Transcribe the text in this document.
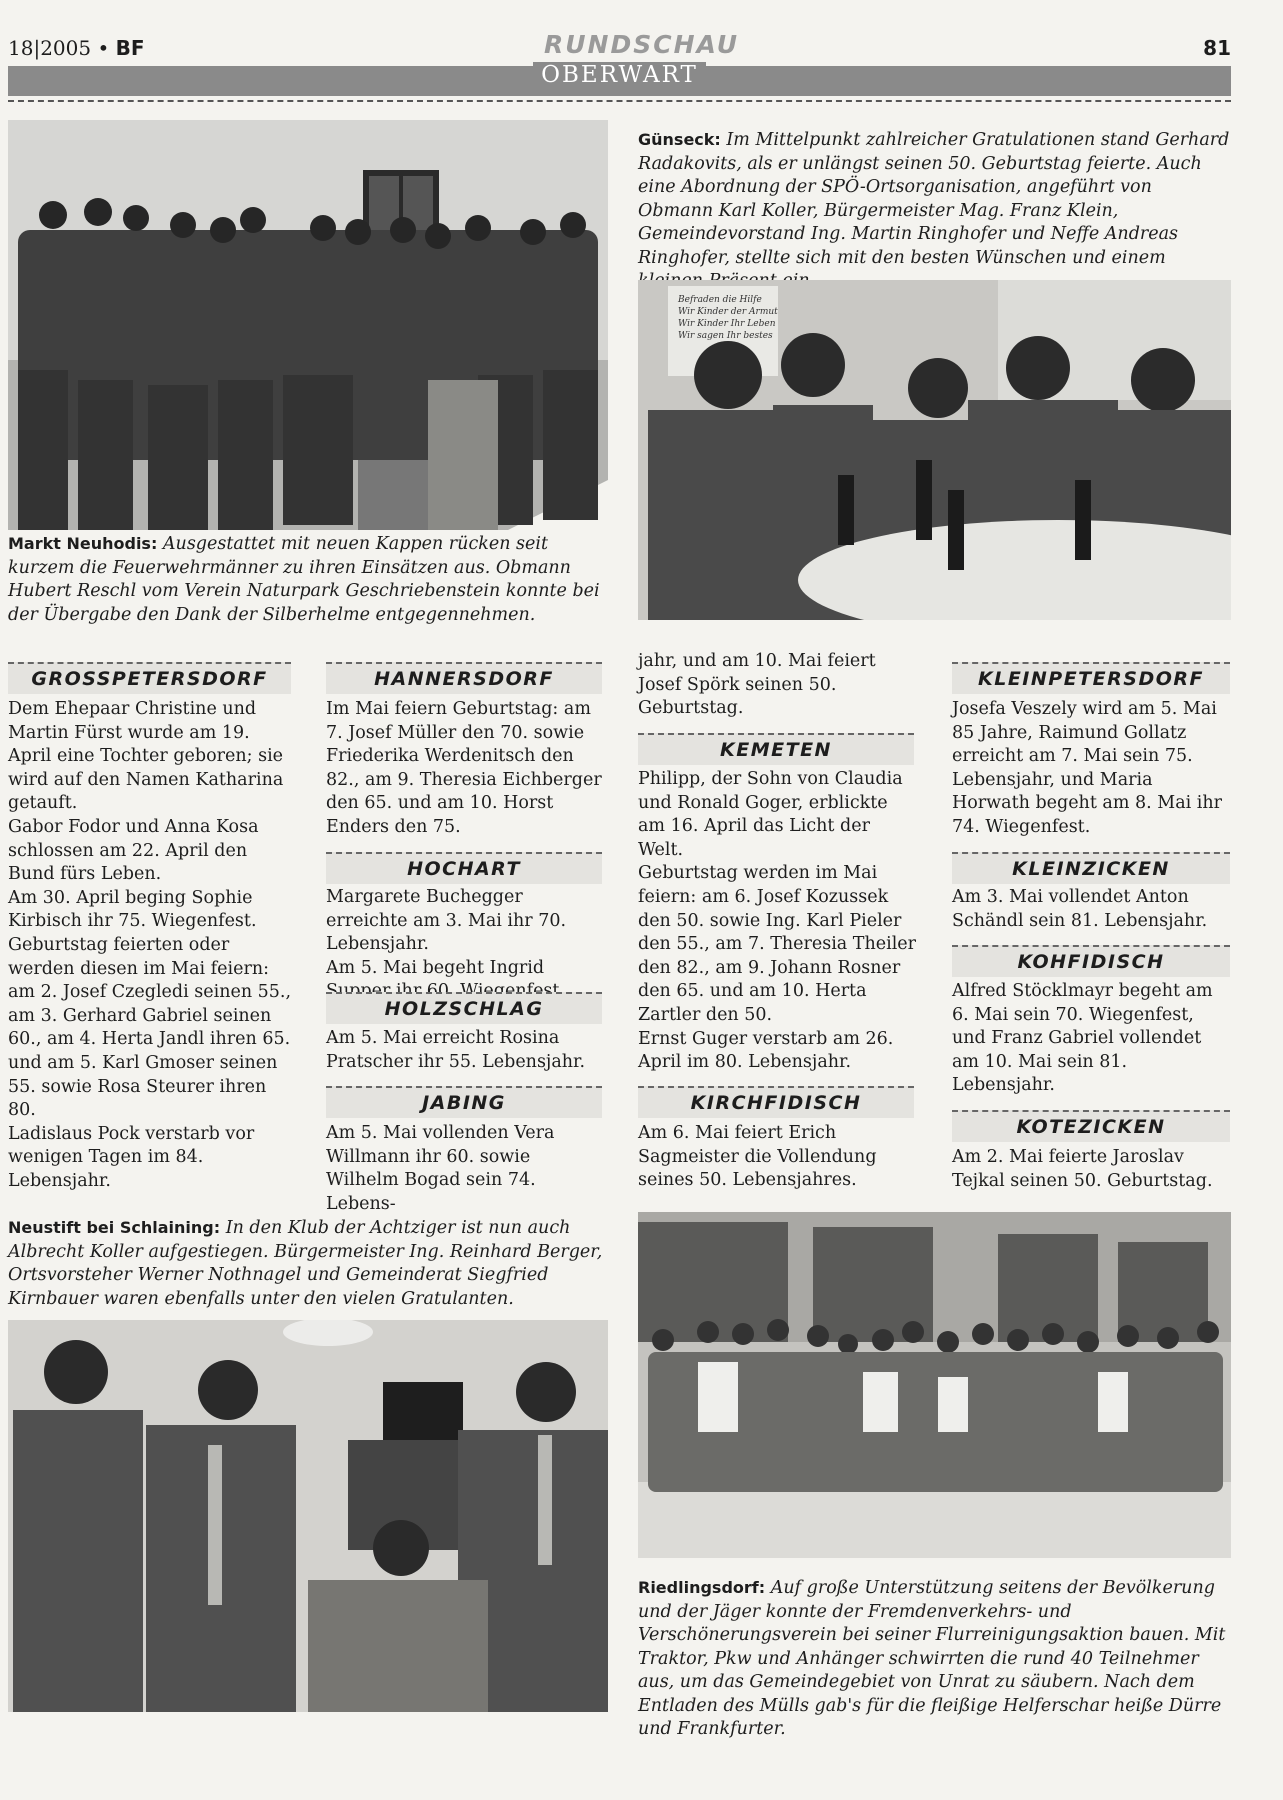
18|2005 • BF	RUNDSCHAU	81
OBERWART
Günseck: Im Mittelpunkt zahlreicher Gratulationen stand Gerhard Radakovits, als er unlängst seinen 50. Geburtstag feierte. Auch eine Abordnung der SPÖ-Ortsorganisation, angeführt von Obmann Karl Koller, Bürgermeister Mag. Franz Klein, Gemeindevorstand Ing. Martin Ringhofer und Neffe Andreas Ringhofer, stellte sich mit den besten Wünschen und einem
Befraden die Hilfe
Wir Kinder der Armut
Wir Kinder Ihr Leben
Wir sagen Ihr bestes
Markt Neuhodis: Ausgestattet mit neuen Kappen rücken seit kurzem die Feuerwehrmänner zu ihren Einsätzen aus. Obmann Hubert Reschl vom Verein Naturpark Geschriebenstein konnte bei der Übergabe den Dank der Silberhelme entgegennehmen.
GROSSPETERSDORF

Dem Ehepaar Christine und Martin Fürst wurde am 19. April eine Tochter geboren; sie wird auf den Namen Katharina getauft.

Gabor Fodor und Anna Kosa schlossen am 22. April den Bund fürs Leben.

Am 30. April beging Sophie Kirbisch ihr 75. Wiegenfest.

Geburtstag feierten oder werden diesen im Mai feiern: am 2. Josef Czegledi seinen 55., am 3. Gerhard Gabriel seinen 60., am 4. Herta Jandl ihren 65. und am 5. Karl Gmoser seinen 55. sowie Rosa Steurer ihren 80.

Ladislaus Pock verstarb vor wenigen Tagen im 84. Lebensjahr.

HANNERSDORF

Im Mai feiern Geburtstag: am 7. Josef Müller den 70. sowie Friederika Werdenitsch den 82., am 9. Theresia Eichberger den 65. und am 10. Horst Enders den 75.

HOCHART

Margarete Buchegger erreichte am 3. Mai ihr 70. Lebensjahr.

Am 5. Mai begeht Ingrid

HOLZSCHLAG

Am 5. Mai erreicht Rosina Pratscher ihr 55. Lebensjahr.

JABING

Am 5. Mai vollenden Vera Willmann ihr 60. sowie Wilhelm Bogad sein 74. Lebens-

jahr, und am 10. Mai feiert Josef Spörk seinen 50. Geburtstag.

KEMETEN

Philipp, der Sohn von Claudia und Ronald Goger, erblickte am 16. April das Licht der Welt.

Geburtstag werden im Mai feiern: am 6. Josef Kozussek den 50. sowie Ing. Karl Pieler den 55., am 7. Theresia Theiler den 82., am 9. Johann Rosner den 65. und am 10. Herta Zartler den 50.

Ernst Guger verstarb am 26. April im 80. Lebensjahr.

KIRCHFIDISCH

Am 6. Mai feiert Erich Sagmeister die Vollendung seines 50. Lebensjahres.

KLEINPETERSDORF

Josefa Veszely wird am 5. Mai 85 Jahre, Raimund Gollatz erreicht am 7. Mai sein 75. Lebensjahr, und Maria Horwath begeht am 8. Mai ihr 74. Wiegenfest.

KLEINZICKEN

Am 3. Mai vollendet Anton Schändl sein 81. Lebensjahr.

KOHFIDISCH

Alfred Stöcklmayr begeht am 6. Mai sein 70. Wiegenfest, und Franz Gabriel vollendet am 10. Mai sein 81. Lebensjahr.

KOTEZICKEN

Am 2. Mai feierte Jaroslav Tejkal seinen 50. Geburtstag.

Neustift bei Schlaining: In den Klub der Achtziger ist nun auch Albrecht Koller aufgestiegen. Bürgermeister Ing. Reinhard Berger, Ortsvorsteher Werner Nothnagel und Gemeinderat Siegfried Kirnbauer waren ebenfalls unter den vielen Gratulanten.
Riedlingsdorf: Auf große Unterstützung seitens der Bevölkerung und der Jäger konnte der Fremdenverkehrs- und Verschönerungsverein bei seiner Flurreinigungsaktion bauen. Mit Traktor, Pkw und Anhänger schwirrten die rund 40 Teilnehmer aus, um das Gemeindegebiet von Unrat zu säubern. Nach dem Entladen des Mülls gab's für die fleißige Helferschar heiße Dürre und Frankfurter.
